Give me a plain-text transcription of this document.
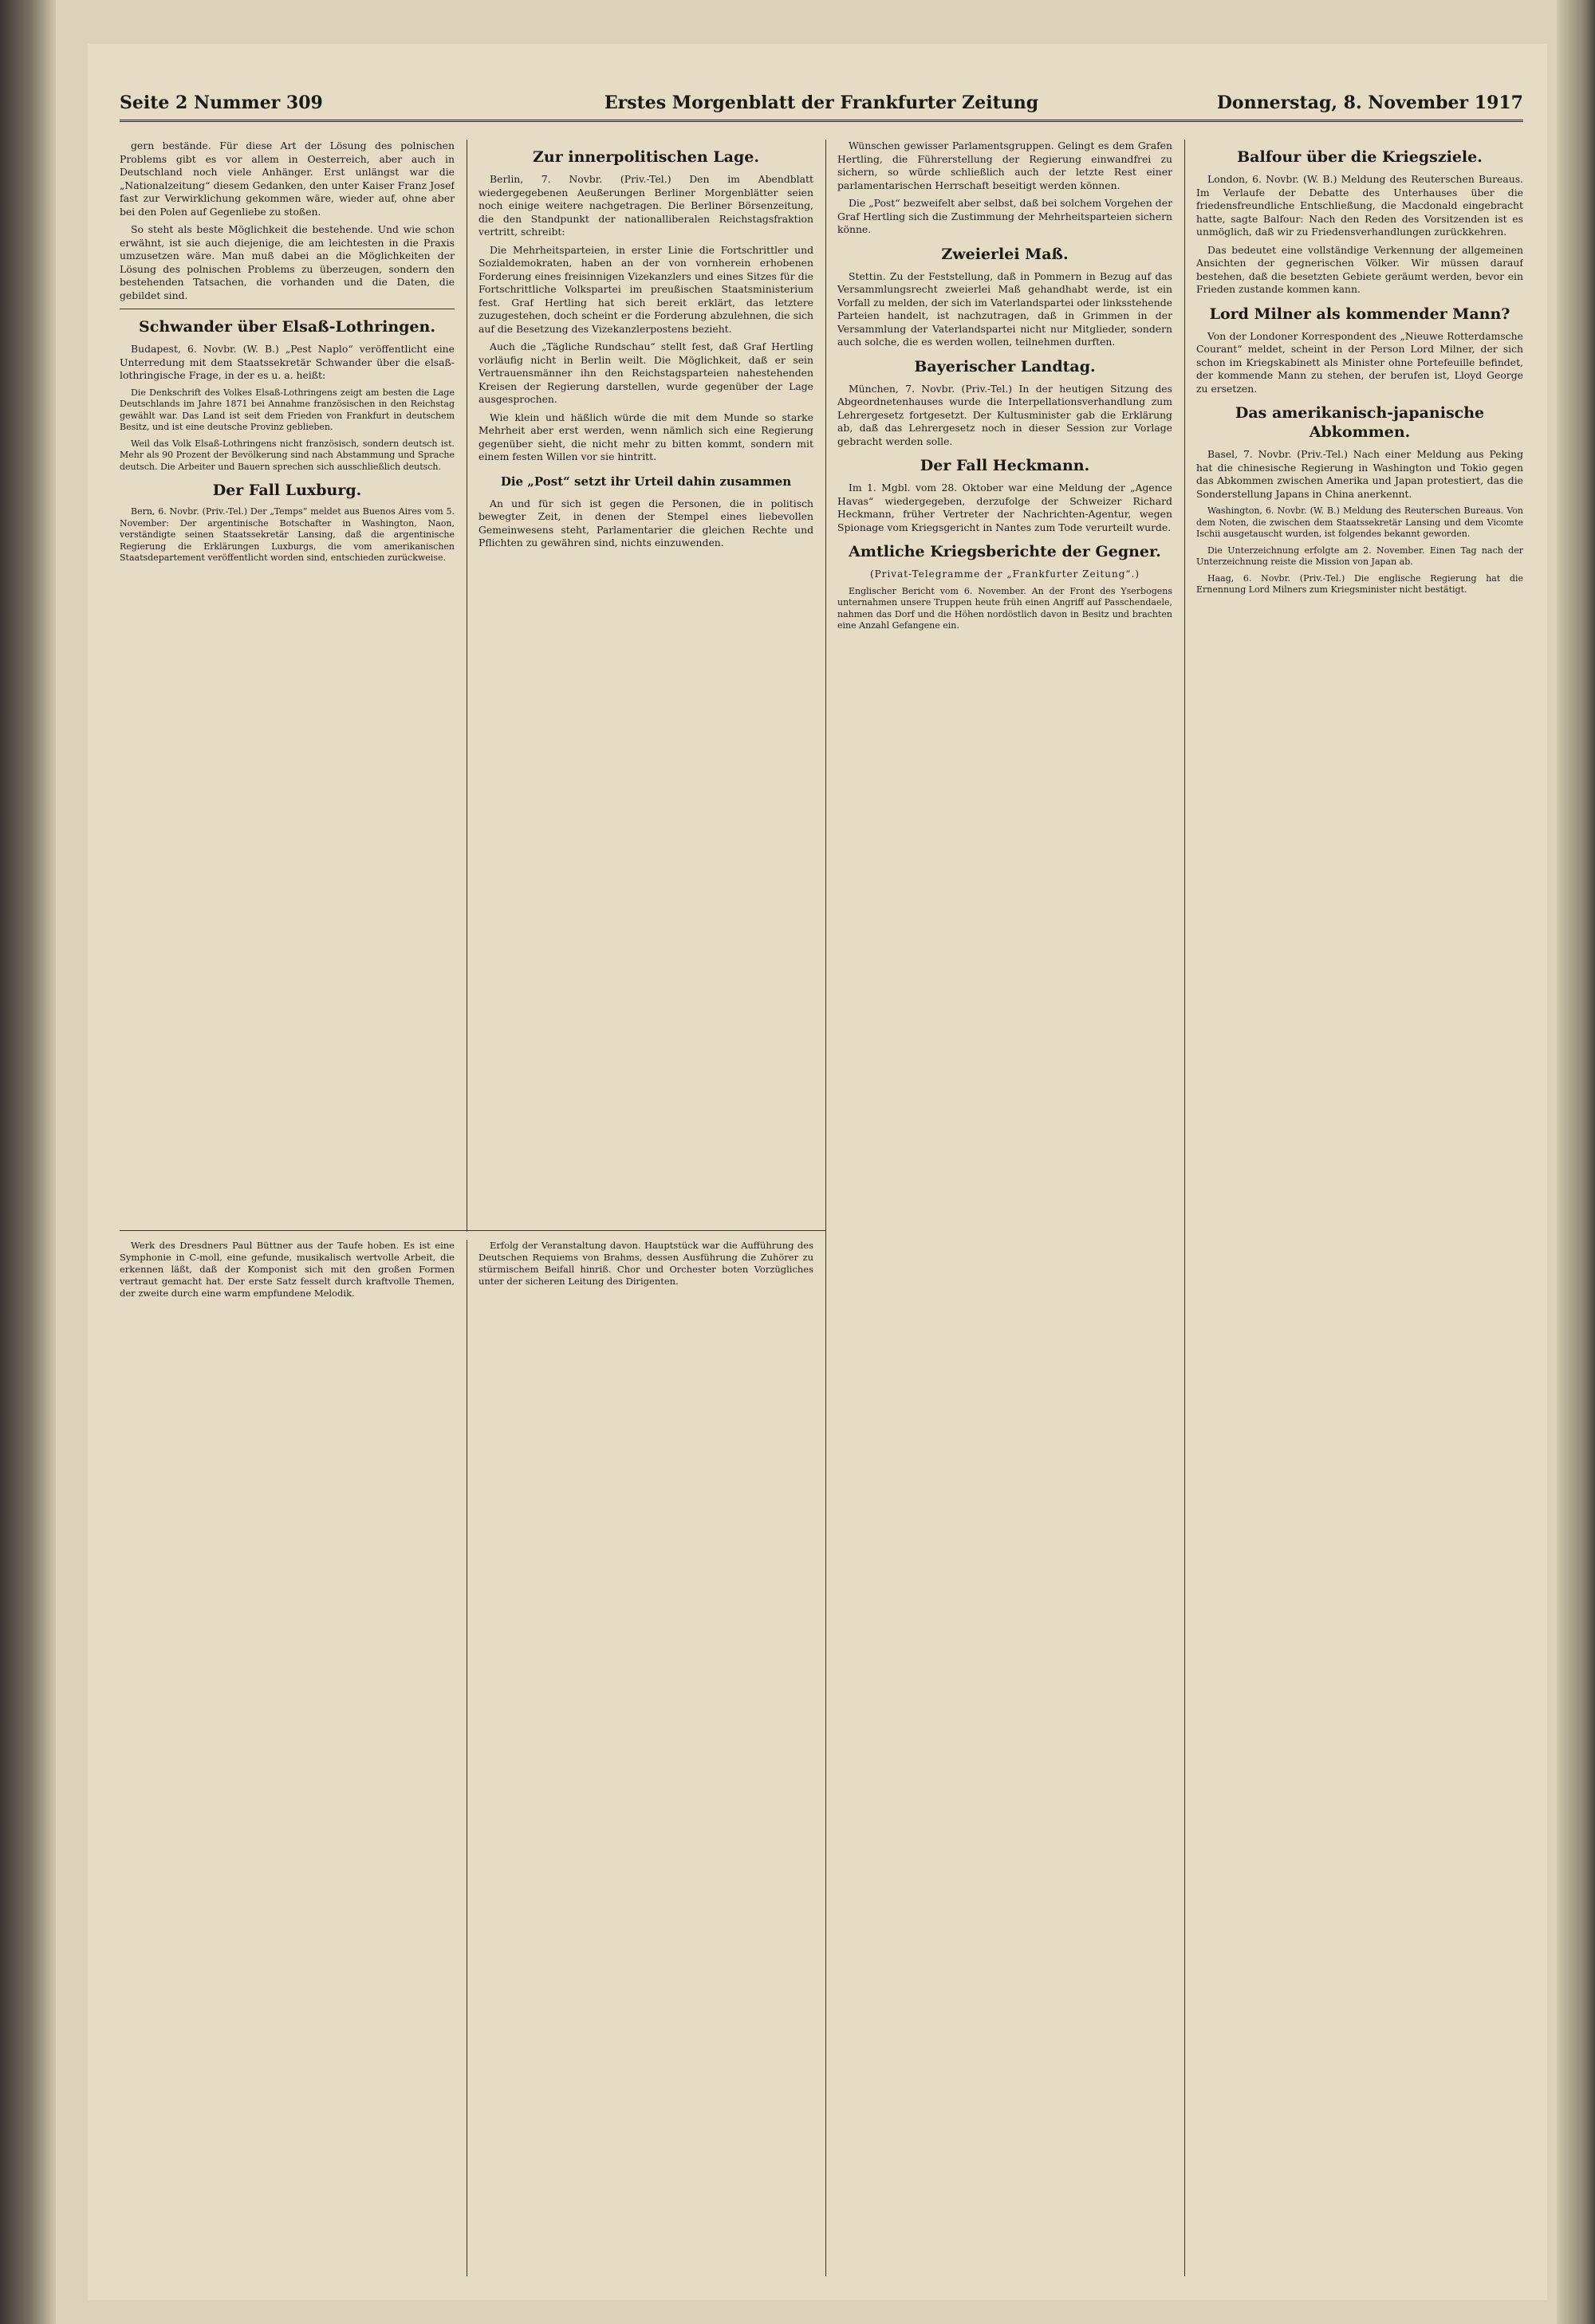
Seite 2 Nummer 309	Erstes Morgenblatt der Frankfurter Zeitung	Donnerstag, 8. November 1917

gern bestände. Für diese Art der Lösung des polnischen Problems gibt es vor allem in Oesterreich, aber auch in Deutschland noch viele Anhänger. Erst unlängst war die „Nationalzeitung“ diesem Gedanken, den unter Kaiser Franz Josef fast zur Verwirklichung gekommen wäre, wieder auf, ohne aber bei den Polen auf Gegenliebe zu stoßen.

So steht als beste Möglichkeit die bestehende. Und wie schon erwähnt, ist sie auch diejenige, die am leichtesten in die Praxis umzusetzen wäre. Man muß dabei an die Möglichkeiten der Lösung des polnischen Problems zu überzeugen, sondern den bestehenden Tatsachen, die vorhanden und die Daten, die gebildet sind.

Schwander über Elsaß-Lothringen.

Budapest, 6. Novbr. (W. B.) „Pest Naplo“ veröffentlicht eine Unterredung mit dem Staatssekretär Schwander über die elsaß-lothringische Frage, in der es u. a. heißt:

Die Denkschrift des Volkes Elsaß-Lothringens zeigt am besten die Lage Deutschlands im Jahre 1871 bei Annahme französischen in den Reichstag gewählt war. Das Land ist seit dem Frieden von Frankfurt in deutschem Besitz, und ist eine deutsche Provinz geblieben.

Weil das Volk Elsaß-Lothringens nicht französisch, sondern deutsch ist. Mehr als 90 Prozent der Bevölkerung sind nach Abstammung und Sprache deutsch. Die Arbeiter und Bauern sprechen sich ausschließlich deutsch.

Der Fall Luxburg.

Bern, 6. Novbr. (Priv.-Tel.) Der „Temps“ meldet aus Buenos Aires vom 5. November: Der argentinische Botschafter in Washington, Naon, verständigte seinen Staatssekretär Lansing, daß die argentinische Regierung die Erklärungen Luxburgs, die vom amerikanischen Staatsdepartement veröffentlicht worden sind, entschieden zurückweise.

Zur innerpolitischen Lage.

Berlin, 7. Novbr. (Priv.-Tel.) Den im Abendblatt wiedergegebenen Aeußerungen Berliner Morgenblätter seien noch einige weitere nachgetragen. Die Berliner Börsenzeitung, die den Standpunkt der nationalliberalen Reichstagsfraktion vertritt, schreibt:

Die Mehrheitsparteien, in erster Linie die Fortschrittler und Sozialdemokraten, haben an der von vornherein erhobenen Forderung eines freisinnigen Vizekanzlers und eines Sitzes für die Fortschrittliche Volkspartei im preußischen Staatsministerium fest. Graf Hertling hat sich bereit erklärt, das letztere zuzugestehen, doch scheint er die Forderung abzulehnen, die sich auf die Besetzung des Vizekanzlerpostens bezieht.

Auch die „Tägliche Rundschau“ stellt fest, daß Graf Hertling vorläufig nicht in Berlin weilt. Die Möglichkeit, daß er sein Vertrauensmänner ihn den Reichstagsparteien nahestehenden Kreisen der Regierung darstellen, wurde gegenüber der Lage ausgesprochen.

Wie klein und häßlich würde die mit dem Munde so starke Mehrheit aber erst werden, wenn nämlich sich eine Regierung gegenüber sieht, die nicht mehr zu bitten kommt, sondern mit einem festen Willen vor sie hintritt.

Die „Post“ setzt ihr Urteil dahin zusammen

An und für sich ist gegen die Personen, die in politisch bewegter Zeit, in denen der Stempel eines liebevollen Gemeinwesens steht, Parlamentarier die gleichen Rechte und Pflichten zu gewähren sind, nichts einzuwenden.

Wünschen gewisser Parlamentsgruppen. Gelingt es dem Grafen Hertling, die Führerstellung der Regierung einwandfrei zu sichern, so würde schließlich auch der letzte Rest einer parlamentarischen Herrschaft beseitigt werden können.

Die „Post“ bezweifelt aber selbst, daß bei solchem Vorgehen der Graf Hertling sich die Zustimmung der Mehrheitsparteien sichern könne.

Zweierlei Maß.

Stettin. Zu der Feststellung, daß in Pommern in Bezug auf das Versammlungsrecht zweierlei Maß gehandhabt werde, ist ein Vorfall zu melden, der sich im Vaterlandspartei oder linksstehende Parteien handelt, ist nachzutragen, daß in Grimmen in der Versammlung der Vaterlandspartei nicht nur Mitglieder, sondern auch solche, die es werden wollen, teilnehmen durften.

Bayerischer Landtag.

München, 7. Novbr. (Priv.-Tel.) In der heutigen Sitzung des Abgeordnetenhauses wurde die Interpellationsverhandlung zum Lehrergesetz fortgesetzt. Der Kultusminister gab die Erklärung ab, daß das Lehrergesetz noch in dieser Session zur Vorlage gebracht werden solle.

Der Fall Heckmann.

Im 1. Mgbl. vom 28. Oktober war eine Meldung der „Agence Havas“ wiedergegeben, derzufolge der Schweizer Richard Heckmann, früher Vertreter der Nachrichten-Agentur, wegen Spionage vom Kriegsgericht in Nantes zum Tode verurteilt wurde.

Amtliche Kriegsberichte der Gegner.
(Privat-Telegramme der „Frankfurter Zeitung“.)

Englischer Bericht vom 6. November. An der Front des Yserbogens unternahmen unsere Truppen heute früh einen Angriff auf Passchendaele, nahmen das Dorf und die Höhen nordöstlich davon in Besitz und brachten eine Anzahl Gefangene ein.

Balfour über die Kriegsziele.

London, 6. Novbr. (W. B.) Meldung des Reuterschen Bureaus. Im Verlaufe der Debatte des Unterhauses über die friedensfreundliche Entschließung, die Macdonald eingebracht hatte, sagte Balfour: Nach den Reden des Vorsitzenden ist es unmöglich, daß wir zu Friedensverhandlungen zurückkehren.

Das bedeutet eine vollständige Verkennung der allgemeinen Ansichten der gegnerischen Völker. Wir müssen darauf bestehen, daß die besetzten Gebiete geräumt werden, bevor ein Frieden zustande kommen kann.

Lord Milner als kommender Mann?

Von der Londoner Korrespondent des „Nieuwe Rotterdamsche Courant“ meldet, scheint in der Person Lord Milner, der sich schon im Kriegskabinett als Minister ohne Portefeuille befindet, der kommende Mann zu stehen, der berufen ist, Lloyd George zu ersetzen.

Das amerikanisch-japanische Abkommen.

Basel, 7. Novbr. (Priv.-Tel.) Nach einer Meldung aus Peking hat die chinesische Regierung in Washington und Tokio gegen das Abkommen zwischen Amerika und Japan protestiert, das die Sonderstellung Japans in China anerkennt.

Washington, 6. Novbr. (W. B.) Meldung des Reuterschen Bureaus. Von dem Noten, die zwischen dem Staatssekretär Lansing und dem Vicomte Ischii ausgetauscht wurden, ist folgendes bekannt geworden.

Die Unterzeichnung erfolgte am 2. November. Einen Tag nach der Unterzeichnung reiste die Mission von Japan ab.

Haag, 6. Novbr. (Priv.-Tel.) Die englische Regierung hat die Ernennung Lord Milners zum Kriegsminister nicht bestätigt.

Werk des Dresdners Paul Büttner aus der Taufe hoben. Es ist eine Symphonie in C-moll, eine gefunde, musikalisch wertvolle Arbeit, die erkennen läßt, daß der Komponist sich mit den großen Formen vertraut gemacht hat. Der erste Satz fesselt durch kraftvolle Themen, der zweite durch eine warm empfundene Melodik.

Erfolg der Veranstaltung davon. Hauptstück war die Aufführung des Deutschen Requiems von Brahms, dessen Ausführung die Zuhörer zu stürmischem Beifall hinriß. Chor und Orchester boten Vorzügliches unter der sicheren Leitung des Dirigenten.
